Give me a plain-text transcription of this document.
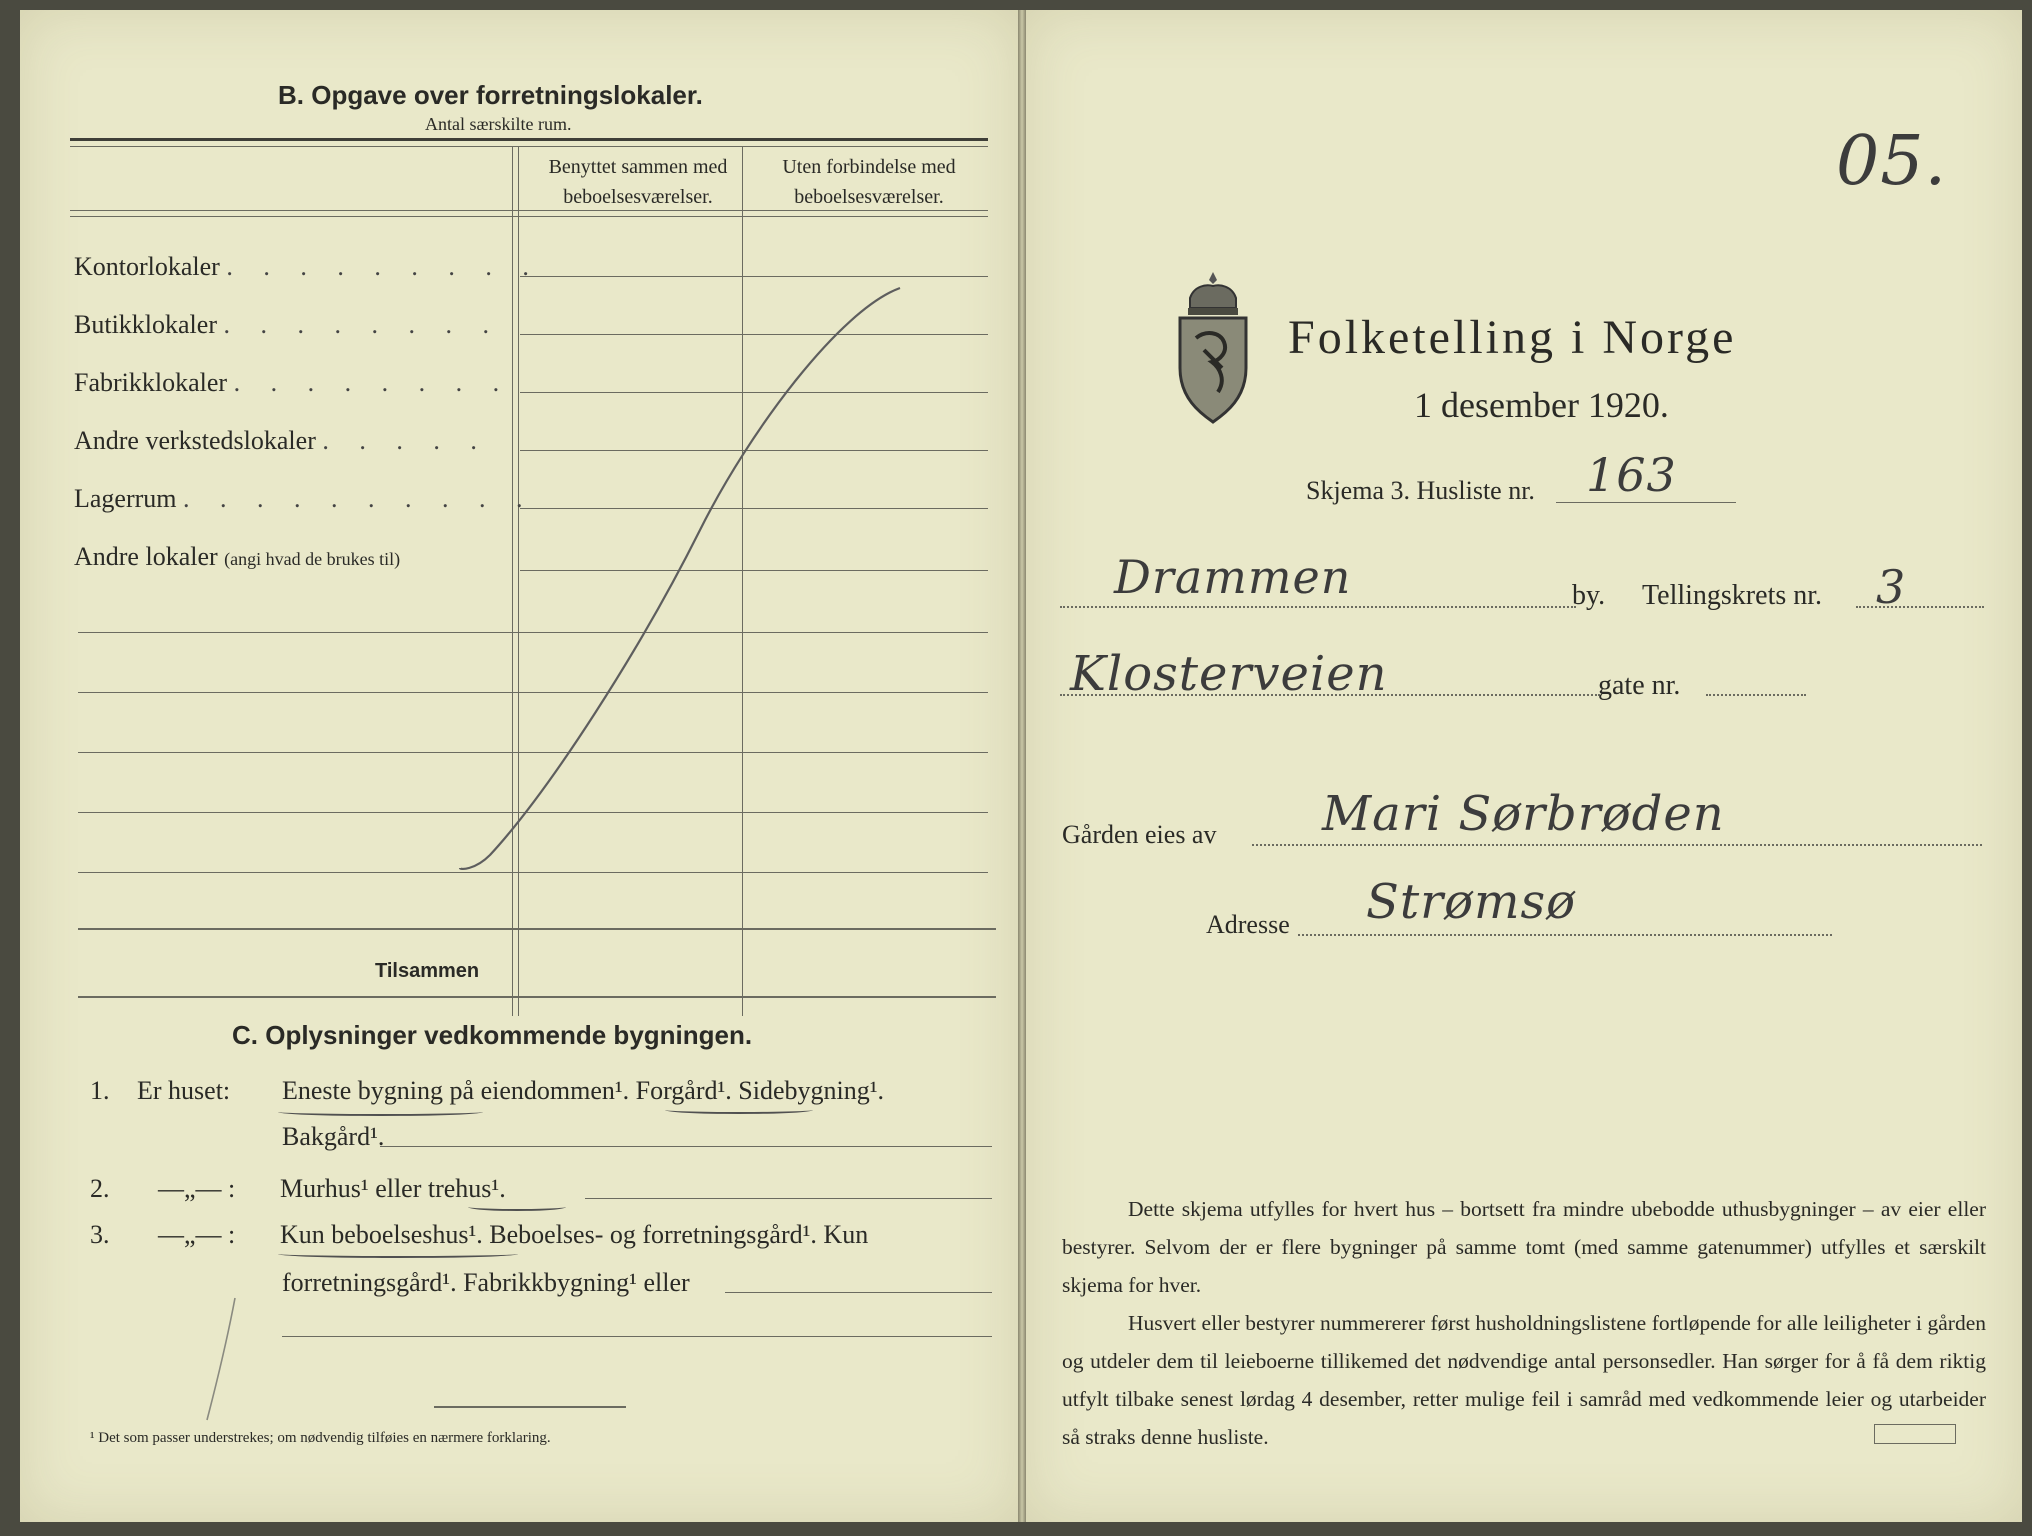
B. Opgave over forretningslokaler.
Antal særskilte rum.
Benyttet sammen med
beboelsesværelser.
Uten forbindelse med
beboelsesværelser.
Kontorlokaler . . . . . . . . .
Butikklokaler . . . . . . . .
Fabrikklokaler . . . . . . . .
Andre verkstedslokaler . . . . .
Lagerrum . . . . . . . . . .
Andre lokaler (angi hvad de brukes til)
Tilsammen
C. Oplysninger vedkommende bygningen.
1. Er huset: Eneste bygning på eiendommen¹. Forgård¹. Sidebygning¹.
Bakgård¹.
2. —„— : Murhus¹ eller trehus¹.
3. —„— : Kun beboelseshus¹. Beboelses- og forretningsgård¹. Kun
forretningsgård¹. Fabrikkbygning¹ eller
¹ Det som passer understrekes; om nødvendig tilføies en nærmere forklaring.
Folketelling i Norge
1 desember 1920.
Skjema 3. Husliste nr. 163
Drammen	by. Tellingskrets nr. 3
Klosterveien	gate nr.
Gården eies av Mari Sørbrøden
Adresse Strømsø
05.
Dette skjema utfylles for hvert hus – bortsett fra mindre ubebodde uthusbygninger – av eier eller bestyrer. Selvom der er flere bygninger på samme tomt (med samme gatenummer) utfylles et særskilt skjema for hver.
Husvert eller bestyrer nummererer først husholdningslistene fortløpende for alle leiligheter i gården og utdeler dem til leieboerne tillikemed det nødvendige antal personsedler. Han sørger for å få dem riktig utfylt tilbake senest lørdag 4 desember, retter mulige feil i samråd med vedkommende leier og utarbeider så straks denne husliste.
